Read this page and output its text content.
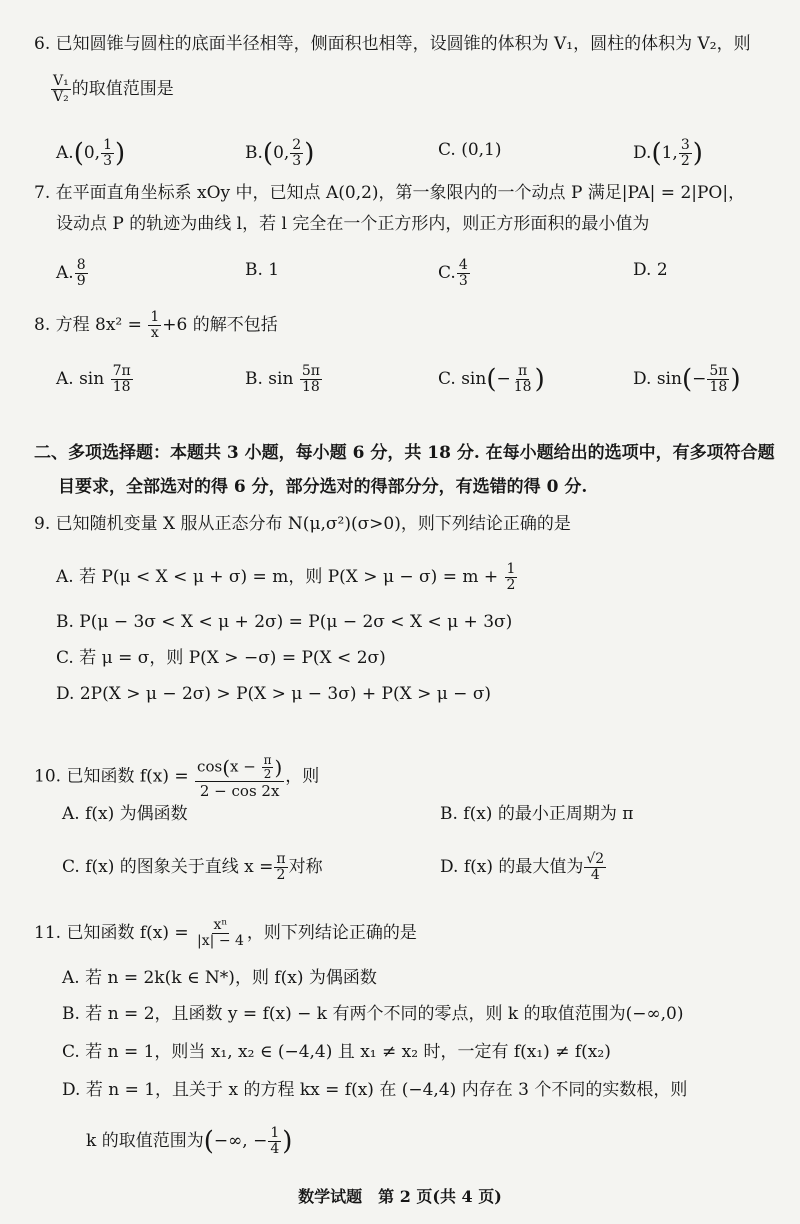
6. 已知圆锥与圆柱的底面半径相等，侧面积也相等，设圆锥的体积为 V₁，圆柱的体积为 V₂，则
$\frac{\text{V₁}}{\text{V₂}}$ 的取值范围是
A.(0, $\frac{1}{3}$ )	B.(0, $\frac{2}{3}$ )	C. (0,1)	D.(1, $\frac{3}{2}$ )
7. 在平面直角坐标系 xOy 中，已知点 A(0,2)，第一象限内的一个动点 P 满足|PA| = 2|PO|，
设动点 P 的轨迹为曲线 l，若 l 完全在一个正方形内，则正方形面积的最小值为
A. $\frac{8}{9}$	B. 1	C. $\frac{4}{3}$	D. 2
8. 方程 $8x^2 = \frac{1}{x} +6$ 的解不包括
A. $\sin \frac{7\pi}{18}$	B. $\sin \frac{5\pi}{18}$	C. $\sin(- \frac{\pi}{18}$ )	D. $\sin(- \frac{5\pi}{18}$ )
二、多项选择题：本题共 3 小题，每小题 6 分，共 18 分. 在每小题给出的选项中，有多项符合题
目要求，全部选对的得 6 分，部分选对的得部分分，有选错的得 0 分.
9. 已知随机变量 X 服从正态分布 N(μ,σ²)(σ>0)，则下列结论正确的是
A. 若 P(μ < X < μ + σ) = m，则 $P(X > \mu - \sigma) = m + \frac{1}{2}$
B. P(μ − 3σ < X < μ + 2σ) = P(μ − 2σ < X < μ + 3σ)
C. 若 μ = σ，则 P(X > −σ) = P(X < 2σ)
D. 2P(X > μ − 2σ) > P(X > μ − 3σ) + P(X > μ − σ)
10. 已知函数 $f(x) = \frac{\cos(x - \frac{\pi}{2} )}{2 - \cos 2x}$ ，则
A. f(x) 为偶函数	B. f(x) 的最小正周期为 π
C. f(x) 的图象关于直线 $x = \frac{\pi}{2}$ 对称	D. f(x) 的最大值为 $\frac{√2}{4}$
11. 已知函数 $f(x) = \frac{\text{xⁿ}}{|x| - 4}$ ，则下列结论正确的是
A. 若 n = 2k(k ∈ N*)，则 f(x) 为偶函数
B. 若 n = 2，且函数 y = f(x) − k 有两个不同的零点，则 k 的取值范围为(−∞,0)
C. 若 n = 1，则当 x₁, x₂ ∈ (−4,4) 且 x₁ ≠ x₂ 时，一定有 f(x₁) ≠ f(x₂)
D. 若 n = 1，且关于 x 的方程 kx = f(x) 在 (−4,4) 内存在 3 个不同的实数根，则
k 的取值范围为(−∞, − $\frac{1}{4}$ )
数学试题　第 2 页(共 4 页)
